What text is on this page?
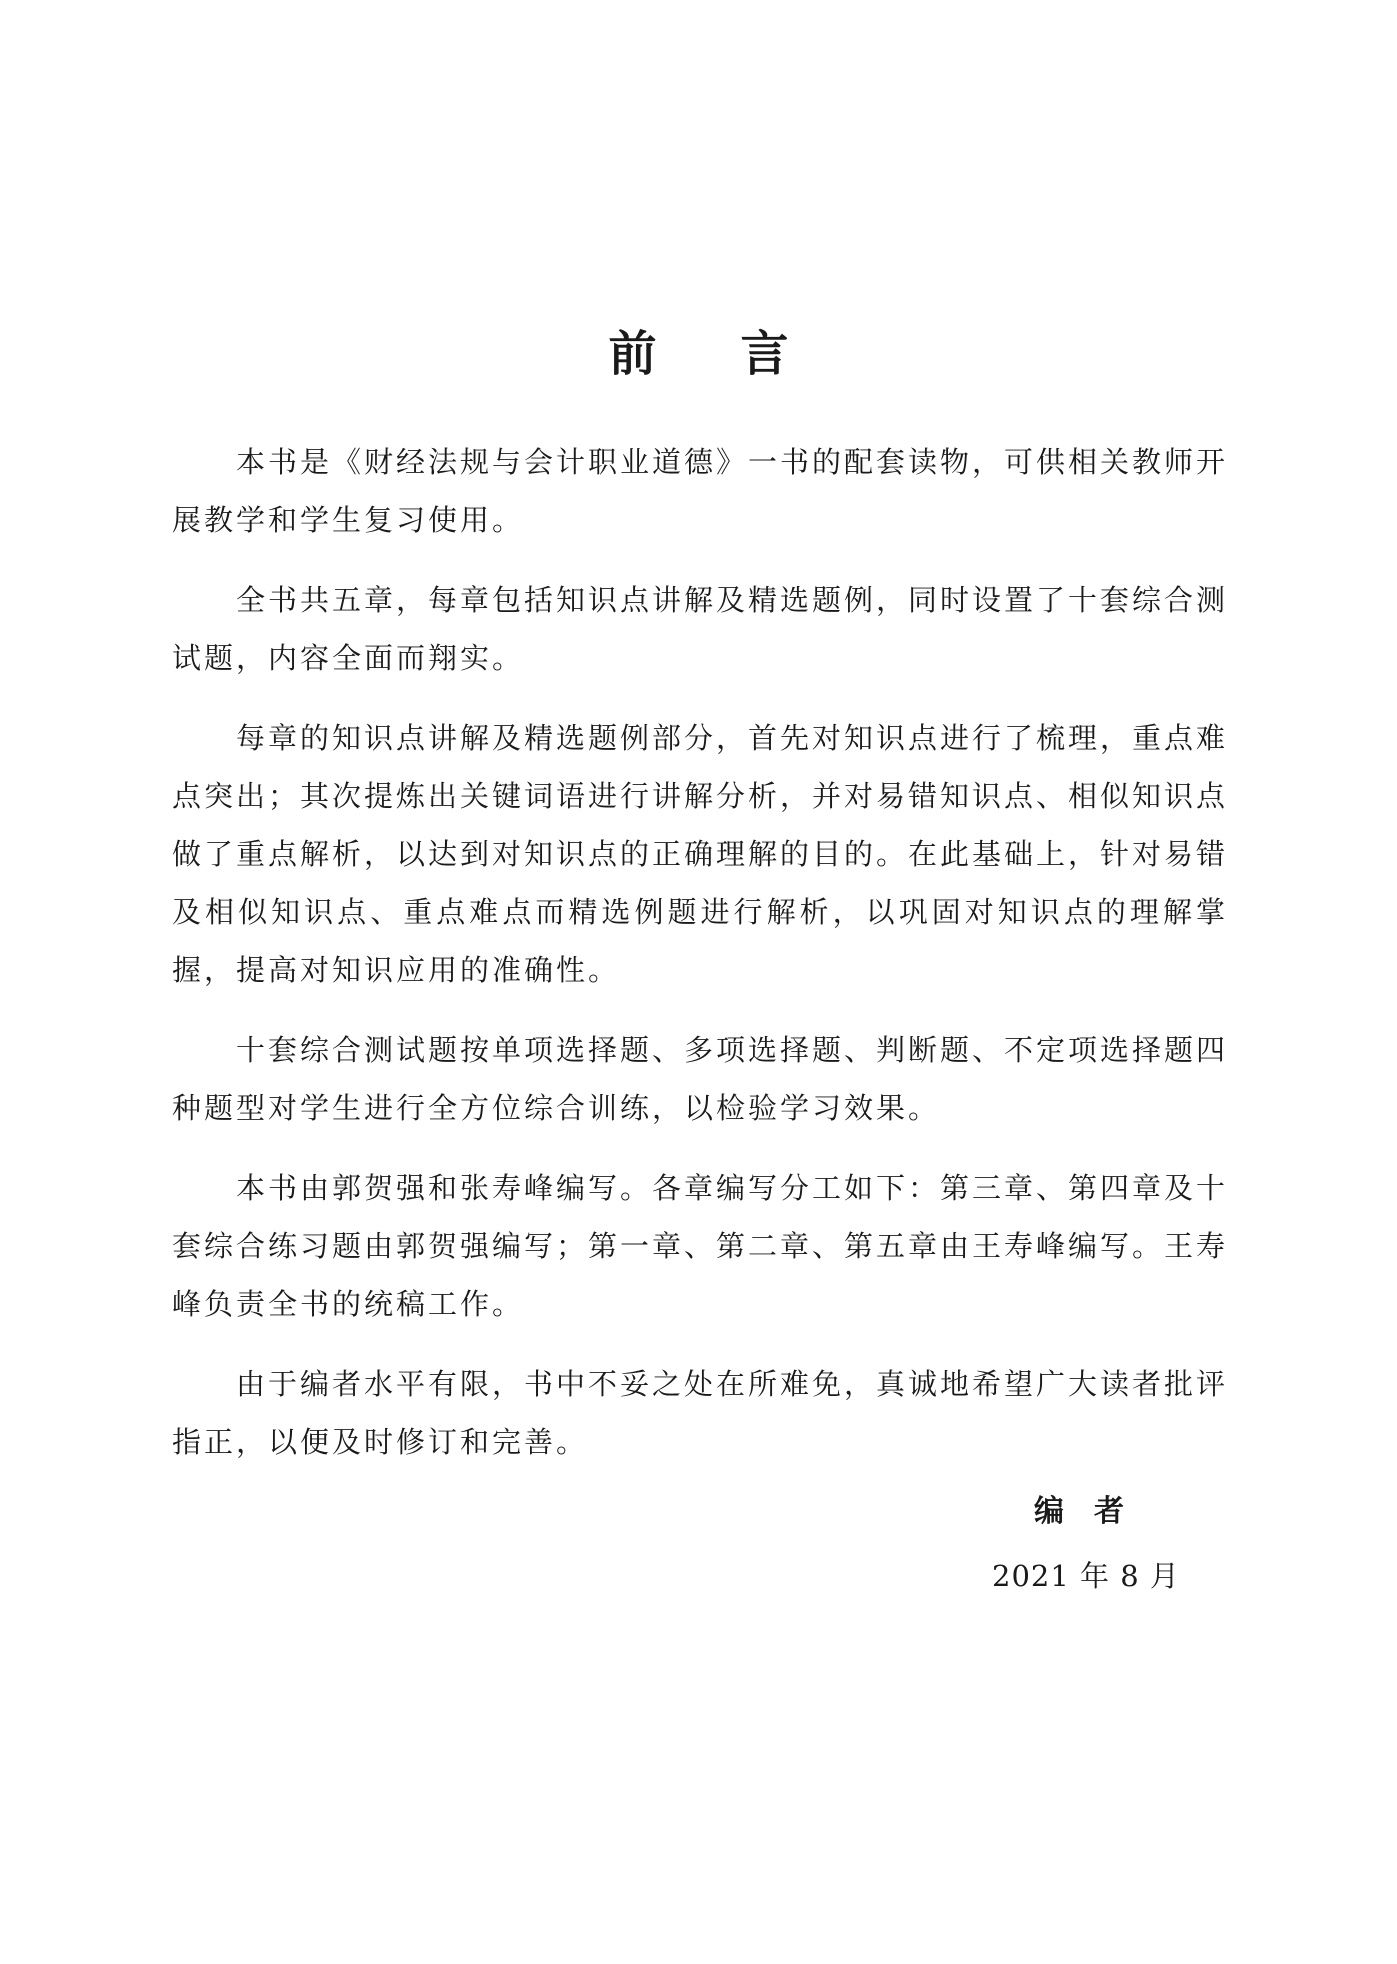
前言

本书是《财经法规与会计职业道德》一书的配套读物，可供相关教师开展教学和学生复习使用。

全书共五章，每章包括知识点讲解及精选题例，同时设置了十套综合测试题，内容全面而翔实。

每章的知识点讲解及精选题例部分，首先对知识点进行了梳理，重点难点突出；其次提炼出关键词语进行讲解分析，并对易错知识点、相似知识点做了重点解析，以达到对知识点的正确理解的目的。在此基础上，针对易错及相似知识点、重点难点而精选例题进行解析，以巩固对知识点的理解掌握，提高对知识应用的准确性。

十套综合测试题按单项选择题、多项选择题、判断题、不定项选择题四种题型对学生进行全方位综合训练，以检验学习效果。

本书由郭贺强和张寿峰编写。各章编写分工如下：第三章、第四章及十套综合练习题由郭贺强编写；第一章、第二章、第五章由王寿峰编写。王寿峰负责全书的统稿工作。

由于编者水平有限，书中不妥之处在所难免，真诚地希望广大读者批评指正，以便及时修订和完善。

编者
2021 年 8 月
